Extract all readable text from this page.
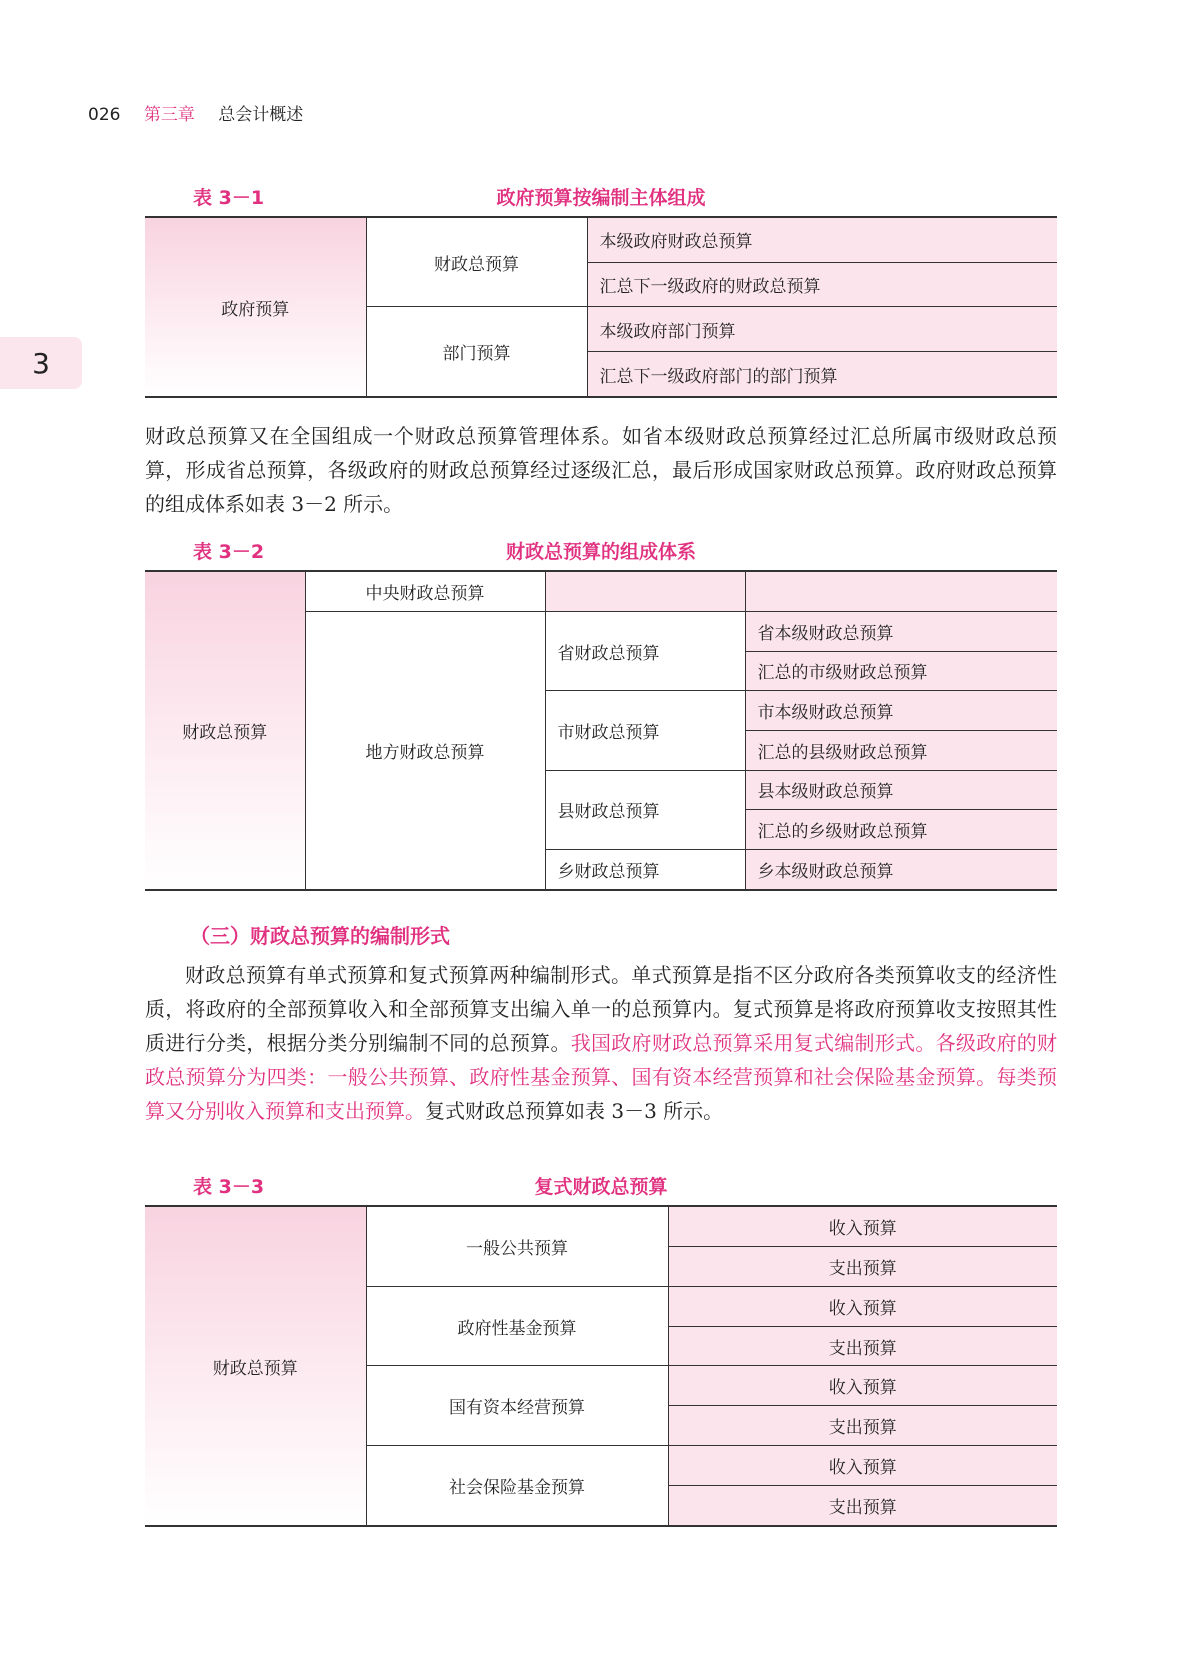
026 第三章 总会计概述
3
表 3－1	政府预算按编制主体组成
政府预算	财政总预算	本级政府财政总预算
		汇总下一级政府的财政总预算
	部门预算	本级政府部门预算
		汇总下一级政府部门的部门预算
财政总预算又在全国组成一个财政总预算管理体系。如省本级财政总预算经过汇总所属市级财政总预算，形成省总预算，各级政府的财政总预算经过逐级汇总，最后形成国家财政总预算。政府财政总预算的组成体系如表 3－2 所示。
表 3－2	财政总预算的组成体系
财政总预算	中央财政总预算		
	地方财政总预算	省财政总预算	省本级财政总预算
			汇总的市级财政总预算
		市财政总预算	市本级财政总预算
			汇总的县级财政总预算
		县财政总预算	县本级财政总预算
			汇总的乡级财政总预算
		乡财政总预算	乡本级财政总预算
（三）财政总预算的编制形式
财政总预算有单式预算和复式预算两种编制形式。单式预算是指不区分政府各类预算收支的经济性质，将政府的全部预算收入和全部预算支出编入单一的总预算内。复式预算是将政府预算收支按照其性质进行分类，根据分类分别编制不同的总预算。我国政府财政总预算采用复式编制形式。各级政府的财政总预算分为四类：一般公共预算、政府性基金预算、国有资本经营预算和社会保险基金预算。每类预算又分别收入预算和支出预算。复式财政总预算如表 3－3 所示。
表 3－3	复式财政总预算
财政总预算	一般公共预算	收入预算
		支出预算
	政府性基金预算	收入预算
		支出预算
	国有资本经营预算	收入预算
		支出预算
	社会保险基金预算	收入预算
		支出预算
